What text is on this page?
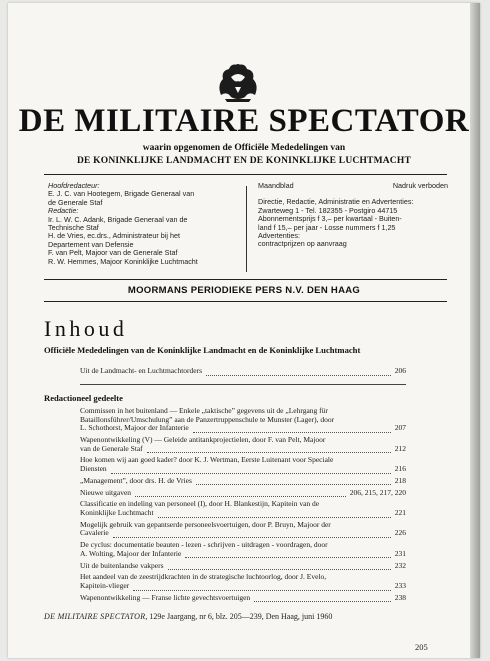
DE MILITAIRE SPECTATOR
waarin opgenomen de Officiële Mededelingen van
DE KONINKLIJKE LANDMACHT EN DE KONINKLIJKE LUCHTMACHT
Hoofdredacteur:
E. J. C. van Hootegem, Brigade Generaal van
de Generale Staf
Redactie:
Ir. L. W. C. Adank, Brigade Generaal van de
Technische Staf
H. de Vries, ec.drs., Administrateur bij het
Departement van Defensie
F. van Pelt, Majoor van de Generale Staf
R. W. Hemmes, Majoor Koninklijke Luchtmacht
Maandblad	Nadruk verboden
Directie, Redactie, Administratie en Advertenties:
Zwarteweg 1 - Tel. 182355 - Postgiro 44715
Abonnementsprijs f 3,– per kwartaal - Buiten-
land f 15,– per jaar - Losse nummers f 1,25
Advertenties:
contractprijzen op aanvraag
MOORMANS PERIODIEKE PERS N.V. DEN HAAG
Inhoud
Officiële Mededelingen van de Koninklijke Landmacht en de Koninklijke Luchtmacht
Uit de Landmacht- en Luchtmachtorders	206
Redactioneel gedeelte
Commissen in het buitenland — Enkele „taktische” gegevens uit de „Lehrgang für
Bataillonsführer/Umschulung” aan de Panzertruppenschule te Munster (Lager), door
L. Schothorst, Majoor der Infanterie	207
Wapenontwikkeling (V) — Geleide antitankprojectielen, door F. van Pelt, Majoor
van de Generale Staf	212
Hoe komen wij aan goed kader? door K. J. Wertman, Eerste Luitenant voor Speciale
Diensten	216
„Management”, door drs. H. de Vries	218
Nieuwe uitgaven	206, 215, 217, 220
Classificatie en indeling van personeel (I), door H. Blankestijn, Kapitein van de
Koninklijke Luchtmacht	221
Mogelijk gebruik van gepantserde personeelsvoertuigen, door P. Bruyn, Majoor der
Cavalerie	226
De cyclus: documentatie beauten - lezen - schrijven - uitdragen - voordragen, door
A. Wolting, Majoor der Infanterie	231
Uit de buitenlandse vakpers	232
Het aandeel van de zeestrijdkrachten in de strategische luchtoorlog, door J. Evelo,
Kapitein-vlieger	233
Wapenontwikkeling — Franse lichte gevechtsvoertuigen	238
DE MILITAIRE SPECTATOR, 129e Jaargang, nr 6, blz. 205—239, Den Haag, juni 1960
205
